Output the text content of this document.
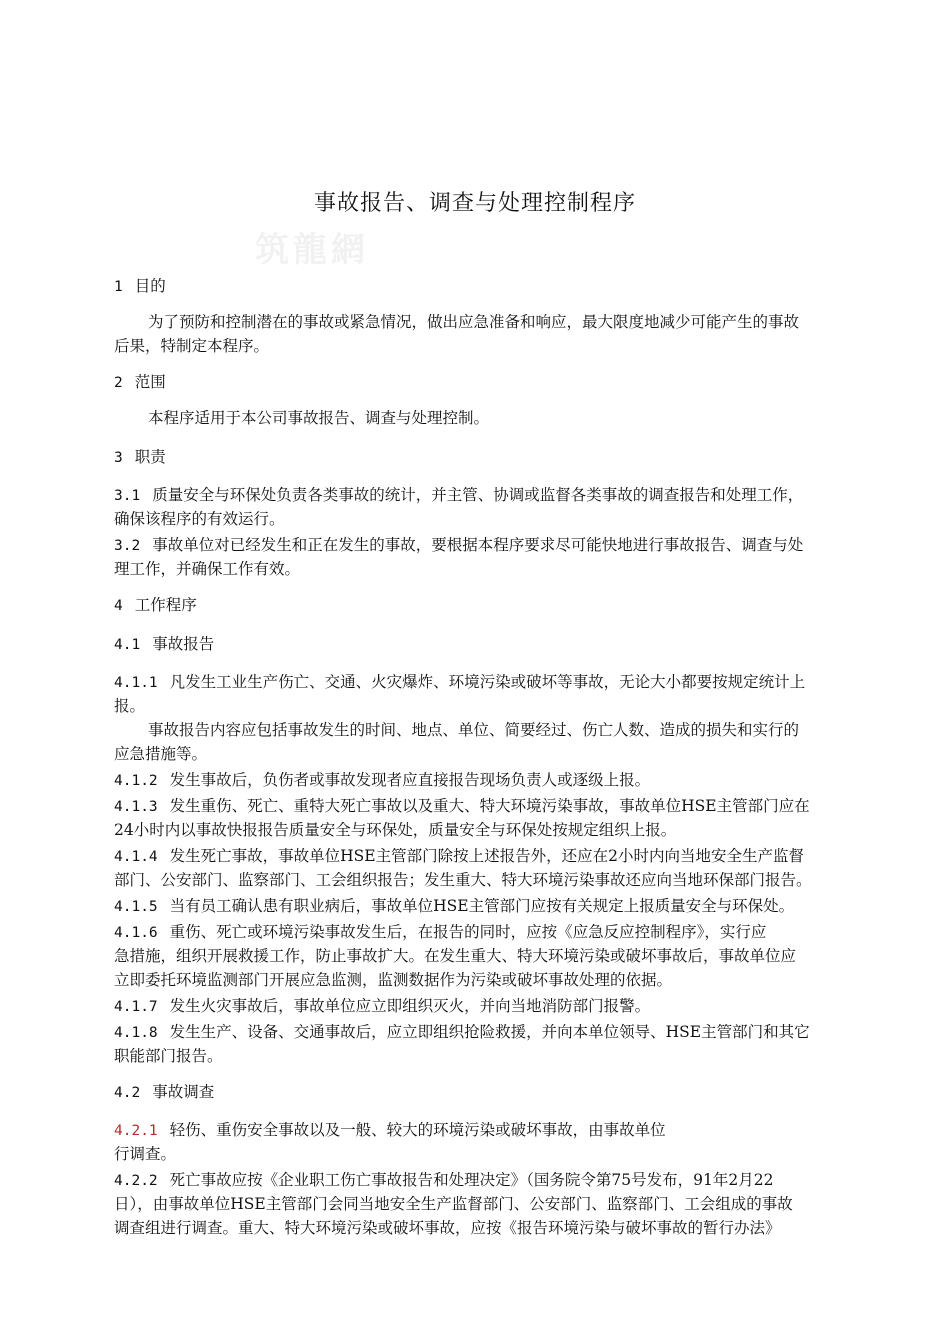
事故报告、调查与处理控制程序
筑龍網
1 目的
为了预防和控制潜在的事故或紧急情况，做出应急准备和响应，最大限度地减少可能产生的事故
后果，特制定本程序。
2 范围
本程序适用于本公司事故报告、调查与处理控制。
3 职责
3.1 质量安全与环保处负责各类事故的统计，并主管、协调或监督各类事故的调查报告和处理工作，
确保该程序的有效运行。
3.2 事故单位对已经发生和正在发生的事故，要根据本程序要求尽可能快地进行事故报告、调查与处
理工作，并确保工作有效。
4 工作程序
4.1 事故报告
4.1.1 凡发生工业生产伤亡、交通、火灾爆炸、环境污染或破坏等事故，无论大小都要按规定统计上
报。
事故报告内容应包括事故发生的时间、地点、单位、简要经过、伤亡人数、造成的损失和实行的
应急措施等。
4.1.2 发生事故后，负伤者或事故发现者应直接报告现场负责人或逐级上报。
4.1.3 发生重伤、死亡、重特大死亡事故以及重大、特大环境污染事故，事故单位HSE主管部门应在
24小时内以事故快报报告质量安全与环保处，质量安全与环保处按规定组织上报。
4.1.4 发生死亡事故，事故单位HSE主管部门除按上述报告外，还应在2小时内向当地安全生产监督
部门、公安部门、监察部门、工会组织报告；发生重大、特大环境污染事故还应向当地环保部门报告。
4.1.5 当有员工确认患有职业病后，事故单位HSE主管部门应按有关规定上报质量安全与环保处。
4.1.6 重伤、死亡或环境污染事故发生后，在报告的同时，应按《应急反应控制程序》，实行应
急措施，组织开展救援工作，防止事故扩大。在发生重大、特大环境污染或破坏事故后，事故单位应
立即委托环境监测部门开展应急监测，监测数据作为污染或破坏事故处理的依据。
4.1.7 发生火灾事故后，事故单位应立即组织灭火，并向当地消防部门报警。
4.1.8 发生生产、设备、交通事故后，应立即组织抢险救援，并向本单位领导、HSE主管部门和其它
职能部门报告。
4.2 事故调查
4.2.1 轻伤、重伤安全事故以及一般、较大的环境污染或破坏事故，由事故单位
行调查。
4.2.2 死亡事故应按《企业职工伤亡事故报告和处理决定》（国务院令第75号发布，91年2月22
日），由事故单位HSE主管部门会同当地安全生产监督部门、公安部门、监察部门、工会组成的事故
调查组进行调查。重大、特大环境污染或破坏事故，应按《报告环境污染与破坏事故的暂行办法》
